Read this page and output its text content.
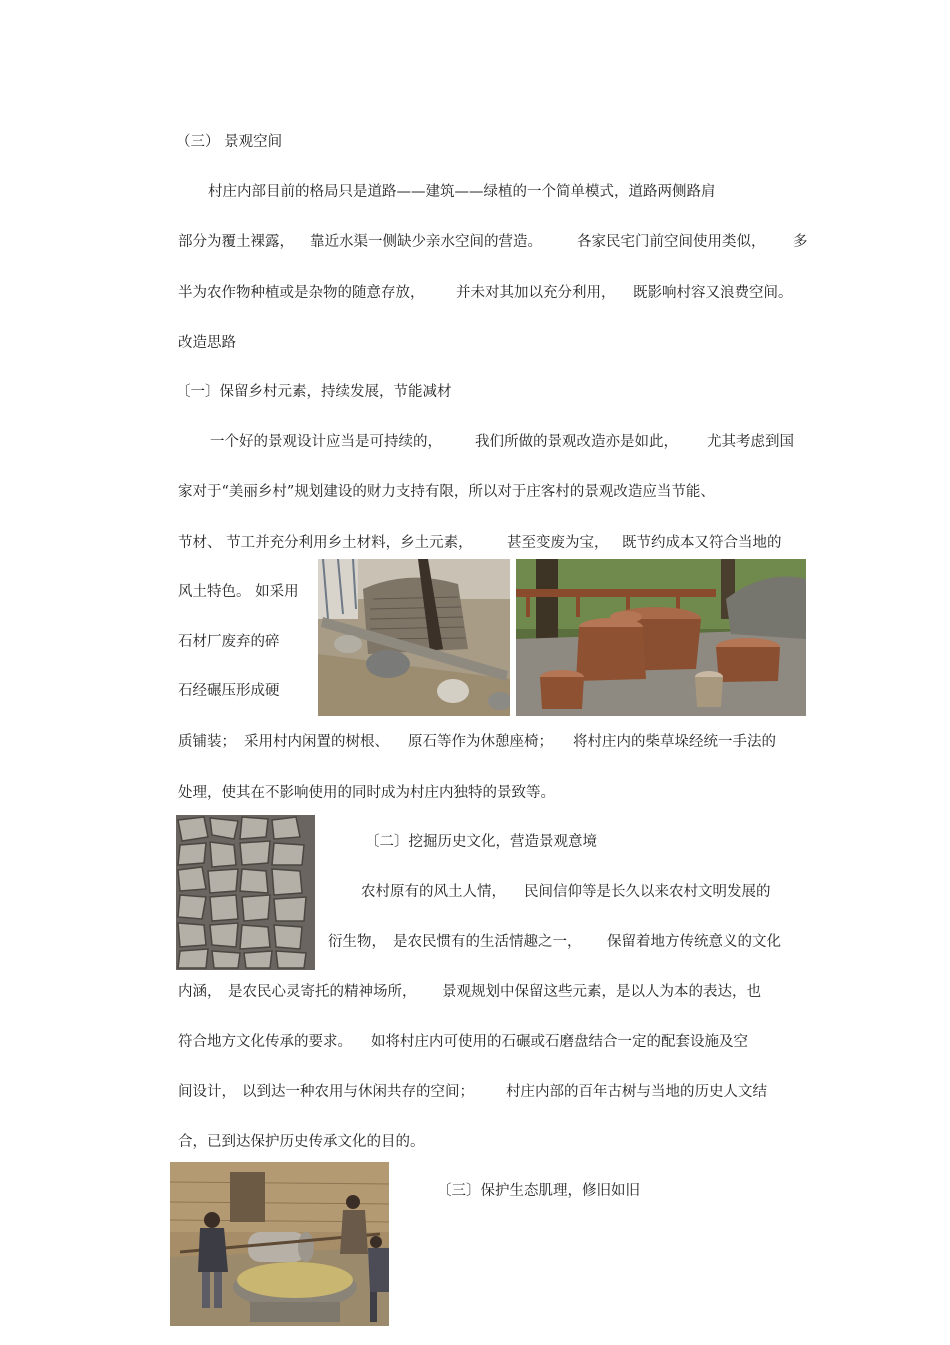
（三） 景观空间
村庄内部目前的格局只是道路——建筑——绿植的一个简单模式，道路两侧路肩
部分为覆土裸露， 靠近水渠一侧缺少亲水空间的营造。 各家民宅门前空间使用类似， 多
半为农作物种植或是杂物的随意存放， 并未对其加以充分利用， 既影响村容又浪费空间。
改造思路
〔一〕保留乡村元素，持续发展，节能减材
一个好的景观设计应当是可持续的， 我们所做的景观改造亦是如此， 尤其考虑到国
家对于“美丽乡村”规划建设的财力支持有限，所以对于庄客村的景观改造应当节能、
节材、 节工并充分利用乡土材料，乡土元素， 甚至变废为宝， 既节约成本又符合当地的
风土特色。 如采用
石材厂废弃的碎
石经碾压形成硬
质铺装； 采用村内闲置的树根、 原石等作为休憩座椅； 将村庄内的柴草垛经统一手法的
处理，使其在不影响使用的同时成为村庄内独特的景致等。
〔二〕挖掘历史文化，营造景观意境
农村原有的风土人情， 民间信仰等是长久以来农村文明发展的
衍生物， 是农民惯有的生活情趣之一， 保留着地方传统意义的文化
内涵， 是农民心灵寄托的精神场所， 景观规划中保留这些元素，是以人为本的表达，也
符合地方文化传承的要求。 如将村庄内可使用的石碾或石磨盘结合一定的配套设施及空
间设计， 以到达一种农用与休闲共存的空间； 村庄内部的百年古树与当地的历史人文结
合，已到达保护历史传承文化的目的。
〔三〕保护生态肌理，修旧如旧
